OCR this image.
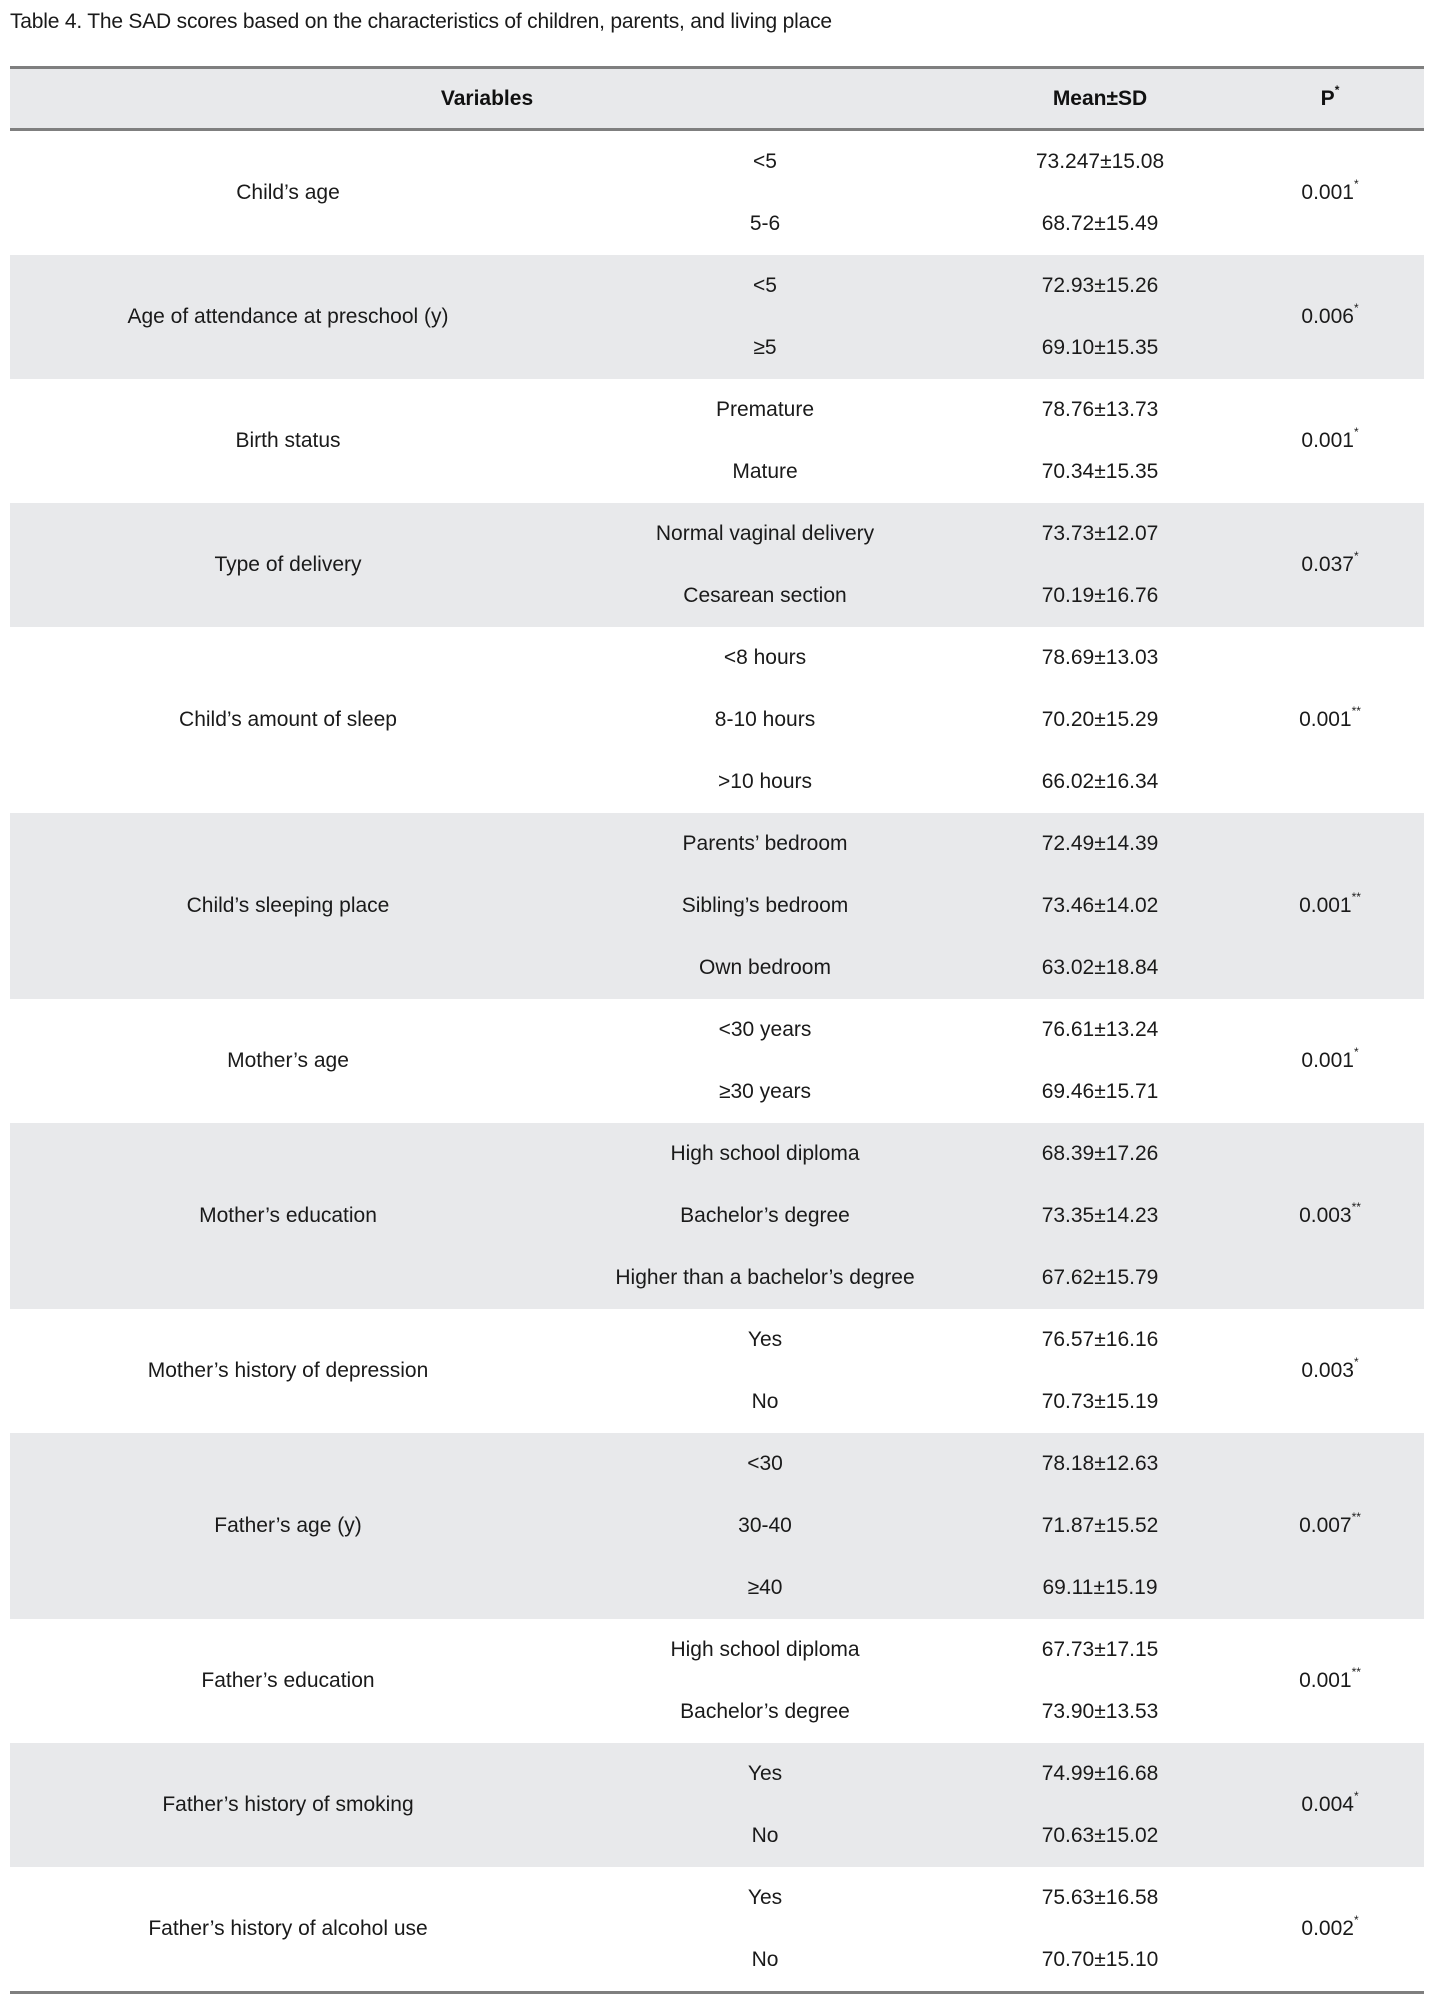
Table 4. The SAD scores based on the characteristics of children, parents, and living place
Variables		Mean±SD	P*
Child’s age	<5	73.247±15.08	0.001*
	5-6	68.72±15.49	
Age of attendance at preschool (y)	<5	72.93±15.26	0.006*
	≥5	69.10±15.35	
Birth status	Premature	78.76±13.73	0.001*
	Mature	70.34±15.35	
Type of delivery	Normal vaginal delivery	73.73±12.07	0.037*
	Cesarean section	70.19±16.76	
Child’s amount of sleep	<8 hours	78.69±13.03	0.001**
	8-10 hours	70.20±15.29	
	>10 hours	66.02±16.34	
Child’s sleeping place	Parents’ bedroom	72.49±14.39	0.001**
	Sibling’s bedroom	73.46±14.02	
	Own bedroom	63.02±18.84	
Mother’s age	<30 years	76.61±13.24	0.001*
	≥30 years	69.46±15.71	
Mother’s education	High school diploma	68.39±17.26	0.003**
	Bachelor’s degree	73.35±14.23	
	Higher than a bachelor’s degree	67.62±15.79	
Mother’s history of depression	Yes	76.57±16.16	0.003*
	No	70.73±15.19	
Father’s age (y)	<30	78.18±12.63	0.007**
	30-40	71.87±15.52	
	≥40	69.11±15.19	
Father’s education	High school diploma	67.73±17.15	0.001**
	Bachelor’s degree	73.90±13.53	
Father’s history of smoking	Yes	74.99±16.68	0.004*
	No	70.63±15.02	
Father’s history of alcohol use	Yes	75.63±16.58	0.002*
	No	70.70±15.10	
